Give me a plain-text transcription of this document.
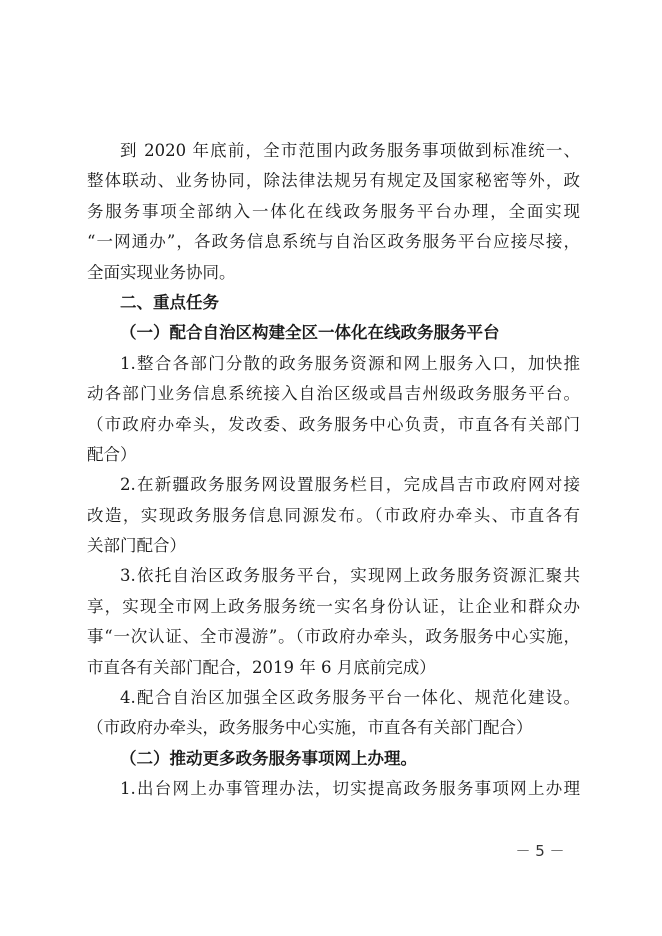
到 2020 年底前，全市范围内政务服务事项做到标准统一、
整体联动、业务协同，除法律法规另有规定及国家秘密等外，政
务服务事项全部纳入一体化在线政务服务平台办理，全面实现
“一网通办”，各政务信息系统与自治区政务服务平台应接尽接，
全面实现业务协同。
二、重点任务
（一）配合自治区构建全区一体化在线政务服务平台
1.整合各部门分散的政务服务资源和网上服务入口，加快推
动各部门业务信息系统接入自治区级或昌吉州级政务服务平台。
（市政府办牵头，发改委、政务服务中心负责，市直各有关部门
配合）
2.在新疆政务服务网设置服务栏目，完成昌吉市政府网对接
改造，实现政务服务信息同源发布。（市政府办牵头、市直各有
关部门配合）
3.依托自治区政务服务平台，实现网上政务服务资源汇聚共
享，实现全市网上政务服务统一实名身份认证，让企业和群众办
事“一次认证、全市漫游”。（市政府办牵头，政务服务中心实施，
市直各有关部门配合，2019 年 6 月底前完成）
4.配合自治区加强全区政务服务平台一体化、规范化建设。
（市政府办牵头，政务服务中心实施，市直各有关部门配合）
（二）推动更多政务服务事项网上办理。
1.出台网上办事管理办法，切实提高政务服务事项网上办理
－ 5 －
